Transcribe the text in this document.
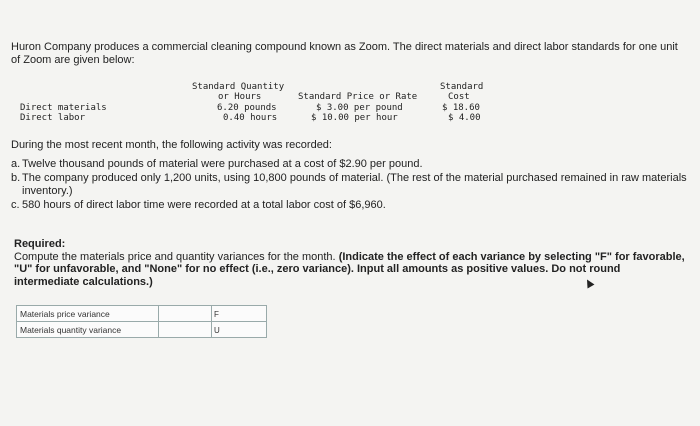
Huron Company produces a commercial cleaning compound known as Zoom. The direct materials and direct labor standards for one unit of Zoom are given below:
Standard Quantity
or Hours	Standard Price or Rate
Standard
Cost
Direct materials	6.20 pounds	$ 3.00 per pound	$ 18.60
Direct labor	0.40 hours	$ 10.00 per hour	$ 4.00

During the most recent month, the following activity was recorded:

a. Twelve thousand pounds of material were purchased at a cost of $2.90 per pound.
b. The company produced only 1,200 units, using 10,800 pounds of material. (The rest of the material purchased remained in raw materials inventory.)
c. 580 hours of direct labor time were recorded at a total labor cost of $6,960.
Required:
Compute the materials price and quantity variances for the month. (Indicate the effect of each variance by selecting "F" for favorable, "U" for unfavorable, and "None" for no effect (i.e., zero variance). Input all amounts as positive values. Do not round intermediate calculations.)
Materials price variance		F
Materials quantity variance		U
